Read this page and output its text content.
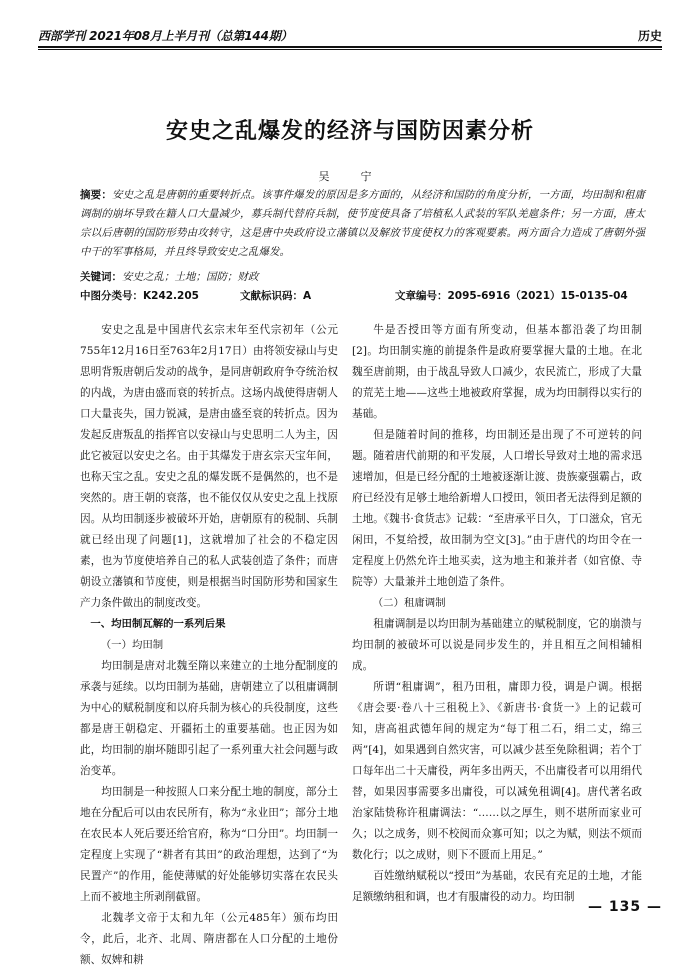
西部学刊 2021年08月上半月刊（总第144期）	历史
安史之乱爆发的经济与国防因素分析
吴　宁
摘要：安史之乱是唐朝的重要转折点。该事件爆发的原因是多方面的，从经济和国防的角度分析，一方面，均田制和租庸调制的崩坏导致在籍人口大量减少，募兵制代替府兵制，使节度使具备了培植私人武装的军队羌扈条件；另一方面，唐太宗以后唐朝的国防形势由攻转守，这是唐中央政府设立藩镇以及解放节度使权力的客观要素。两方面合力造成了唐朝外强中干的军事格局，并且终导致安史之乱爆发。
关键词：安史之乱；土地；国防；财政
中图分类号：K242.205	文献标识码：A	文章编号：2095-6916（2021）15-0135-04

安史之乱是中国唐代玄宗末年至代宗初年（公元755年12月16日至763年2月17日）由将领安禄山与史思明背叛唐朝后发动的战争，是同唐朝政府争夺统治权的内战，为唐由盛而衰的转折点。这场内战使得唐朝人口大量丧失，国力锐减，是唐由盛至衰的转折点。因为发起反唐叛乱的指挥官以安禄山与史思明二人为主，因此它被冠以安史之名。由于其爆发于唐玄宗天宝年间，也称天宝之乱。安史之乱的爆发既不是偶然的，也不是突然的。唐王朝的衰落，也不能仅仅从安史之乱上找原因。从均田制逐步被破坏开始，唐朝原有的税制、兵制就已经出现了问题[1]，这就增加了社会的不稳定因素，也为节度使培养自己的私人武装创造了条件；而唐朝设立藩镇和节度使，则是根据当时国防形势和国家生产力条件做出的制度改变。

一、均田制瓦解的一系列后果

（一）均田制

均田制是唐对北魏至隋以来建立的土地分配制度的承袭与延续。以均田制为基础，唐朝建立了以租庸调制为中心的赋税制度和以府兵制为核心的兵役制度，这些都是唐王朝稳定、开疆拓土的重要基础。也正因为如此，均田制的崩坏随即引起了一系列重大社会问题与政治变革。

均田制是一种按照人口来分配土地的制度，部分土地在分配后可以由农民所有，称为“永业田”；部分土地在农民本人死后要还给官府，称为“口分田”。均田制一定程度上实现了“耕者有其田”的政治理想，达到了“为民置产”的作用，能使薄赋的好处能够切实落在农民头上而不被地主所剥削截留。

北魏孝文帝于太和九年（公元485年）颁布均田令，此后，北齐、北周、隋唐都在人口分配的土地份额、奴婢和耕

牛是否授田等方面有所变动，但基本都沿袭了均田制[2]。均田制实施的前提条件是政府要掌握大量的土地。在北魏至唐前期，由于战乱导致人口减少，农民流亡，形成了大量的荒芜土地——这些土地被政府掌握，成为均田制得以实行的基础。

但是随着时间的推移，均田制还是出现了不可逆转的问题。随着唐代前期的和平发展，人口增长导致对土地的需求迅速增加，但是已经分配的土地被逐渐让渡、贵族豪强霸占，政府已经没有足够土地给新增人口授田，领田者无法得到足额的土地。《魏书·食货志》记载：“至唐承平日久，丁口滋众，官无闲田，不复给授，故田制为空文[3]。”由于唐代的均田令在一定程度上仍然允许土地买卖，这为地主和兼并者（如官僚、寺院等）大量兼并土地创造了条件。

（二）租庸调制

租庸调制是以均田制为基础建立的赋税制度，它的崩溃与均田制的被破坏可以说是同步发生的，并且相互之间相辅相成。

所谓“租庸调”，租乃田租，庸即力役，调是户调。根据《唐会要·卷八十三租税上》、《新唐书·食货一》上的记载可知，唐高祖武德年间的规定为“每丁租二石，绢二丈，绵三两”[4]，如果遇到自然灾害，可以减少甚至免除租调；若个丁口每年出二十天庸役，两年多出两天，不出庸役者可以用绢代替，如果因事需要多出庸役，可以减免租调[4]。唐代著名政治家陆贽称许租庸调法：“……以之厚生，则不堪所而家业可久；以之成务，则不校阅而众寡可知；以之为赋，则法不烦而数化行；以之成财，则下不匮而上用足。”

百姓缴纳赋税以“授田”为基础，农民有充足的土地，才能足额缴纳租和调，也才有服庸役的动力。均田制

— 135 —
